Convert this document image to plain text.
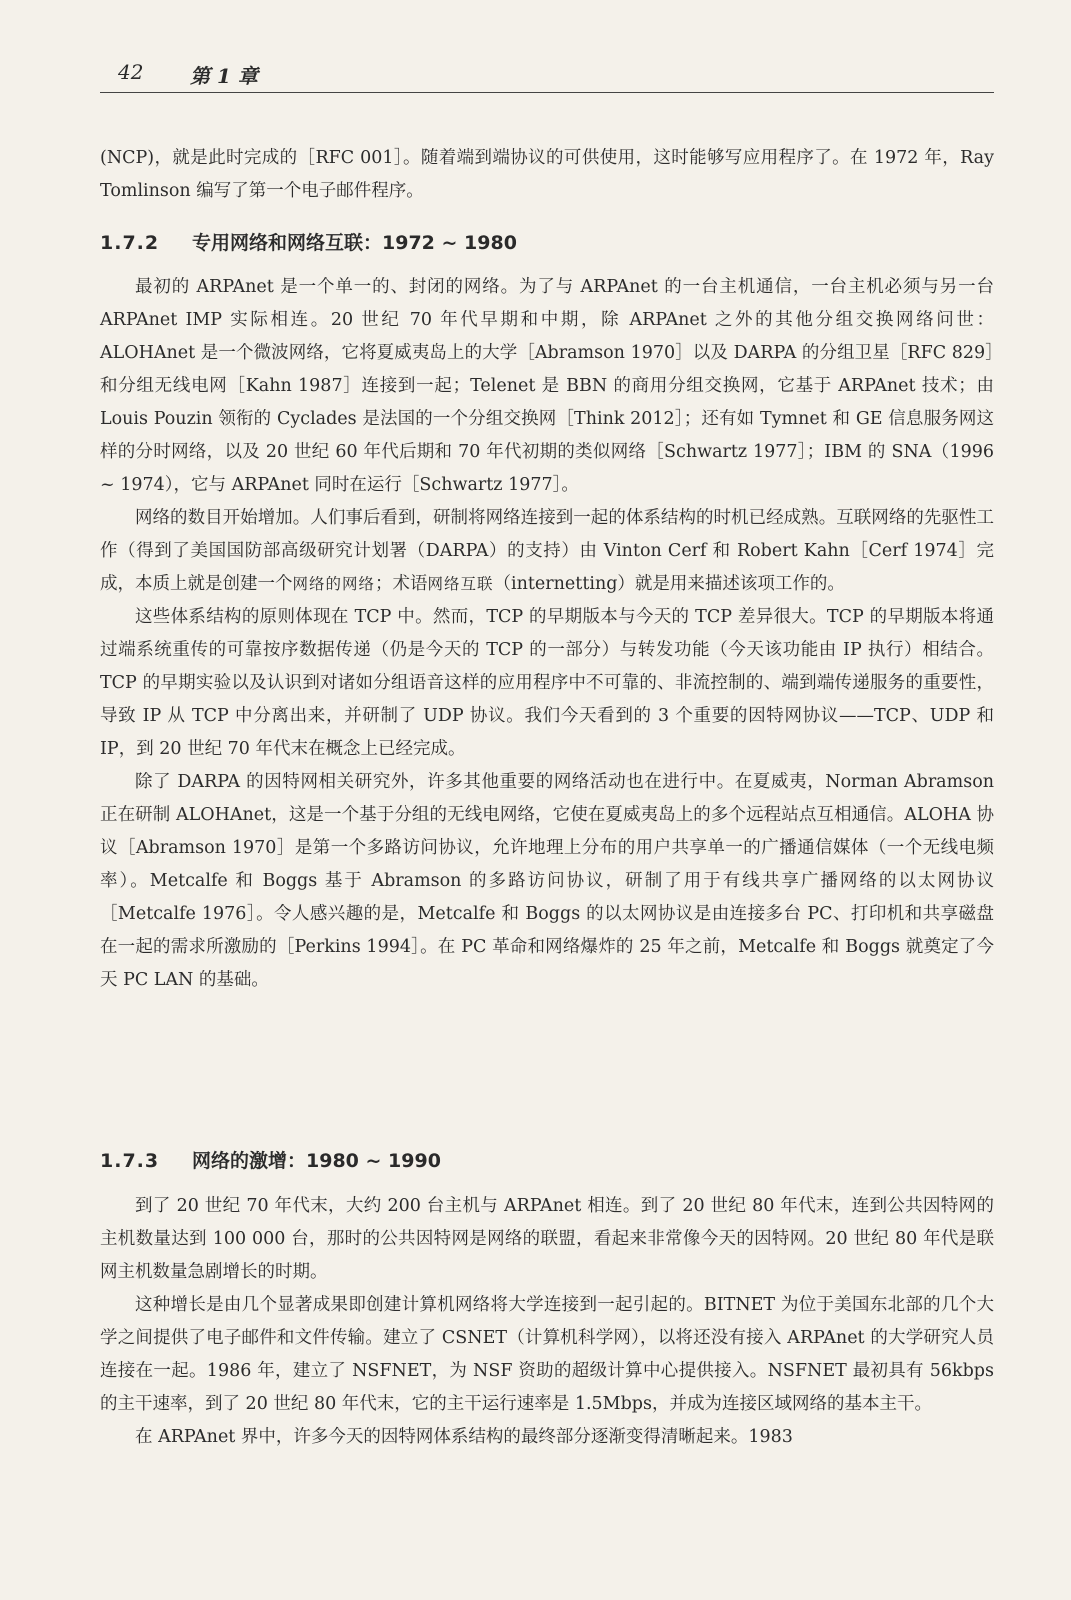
42 第 1 章

(NCP)，就是此时完成的［RFC 001］。随着端到端协议的可供使用，这时能够写应用程序了。在 1972 年，Ray Tomlinson 编写了第一个电子邮件程序。

1.7.2 专用网络和网络互联：1972 ~ 1980

最初的 ARPAnet 是一个单一的、封闭的网络。为了与 ARPAnet 的一台主机通信，一台主机必须与另一台 ARPAnet IMP 实际相连。20 世纪 70 年代早期和中期，除 ARPAnet 之外的其他分组交换网络问世：ALOHAnet 是一个微波网络，它将夏威夷岛上的大学［Abramson 1970］以及 DARPA 的分组卫星［RFC 829］和分组无线电网［Kahn 1987］连接到一起；Telenet 是 BBN 的商用分组交换网，它基于 ARPAnet 技术；由 Louis Pouzin 领衔的 Cyclades 是法国的一个分组交换网［Think 2012］；还有如 Tymnet 和 GE 信息服务网这样的分时网络，以及 20 世纪 60 年代后期和 70 年代初期的类似网络［Schwartz 1977］；IBM 的 SNA（1996 ~ 1974），它与 ARPAnet 同时在运行［Schwartz 1977］。

网络的数目开始增加。人们事后看到，研制将网络连接到一起的体系结构的时机已经成熟。互联网络的先驱性工作（得到了美国国防部高级研究计划署（DARPA）的支持）由 Vinton Cerf 和 Robert Kahn［Cerf 1974］完成，本质上就是创建一个网络的网络；术语网络互联（internetting）就是用来描述该项工作的。

这些体系结构的原则体现在 TCP 中。然而，TCP 的早期版本与今天的 TCP 差异很大。TCP 的早期版本将通过端系统重传的可靠按序数据传递（仍是今天的 TCP 的一部分）与转发功能（今天该功能由 IP 执行）相结合。TCP 的早期实验以及认识到对诸如分组语音这样的应用程序中不可靠的、非流控制的、端到端传递服务的重要性，导致 IP 从 TCP 中分离出来，并研制了 UDP 协议。我们今天看到的 3 个重要的因特网协议——TCP、UDP 和 IP，到 20 世纪 70 年代末在概念上已经完成。

除了 DARPA 的因特网相关研究外，许多其他重要的网络活动也在进行中。在夏威夷，Norman Abramson 正在研制 ALOHAnet，这是一个基于分组的无线电网络，它使在夏威夷岛上的多个远程站点互相通信。ALOHA 协议［Abramson 1970］是第一个多路访问协议，允许地理上分布的用户共享单一的广播通信媒体（一个无线电频率）。Metcalfe 和 Boggs 基于 Abramson 的多路访问协议，研制了用于有线共享广播网络的以太网协议［Metcalfe 1976］。令人感兴趣的是，Metcalfe 和 Boggs 的以太网协议是由连接多台 PC、打印机和共享磁盘在一起的需求所激励的［Perkins 1994］。在 PC 革命和网络爆炸的 25 年之前，Metcalfe 和 Boggs 就奠定了今天 PC LAN 的基础。

1.7.3 网络的激增：1980 ~ 1990

到了 20 世纪 70 年代末，大约 200 台主机与 ARPAnet 相连。到了 20 世纪 80 年代末，连到公共因特网的主机数量达到 100 000 台，那时的公共因特网是网络的联盟，看起来非常像今天的因特网。20 世纪 80 年代是联网主机数量急剧增长的时期。

这种增长是由几个显著成果即创建计算机网络将大学连接到一起引起的。BITNET 为位于美国东北部的几个大学之间提供了电子邮件和文件传输。建立了 CSNET（计算机科学网），以将还没有接入 ARPAnet 的大学研究人员连接在一起。1986 年，建立了 NSFNET，为 NSF 资助的超级计算中心提供接入。NSFNET 最初具有 56kbps 的主干速率，到了 20 世纪 80 年代末，它的主干运行速率是 1.5Mbps，并成为连接区域网络的基本主干。

在 ARPAnet 界中，许多今天的因特网体系结构的最终部分逐渐变得清晰起来。1983
